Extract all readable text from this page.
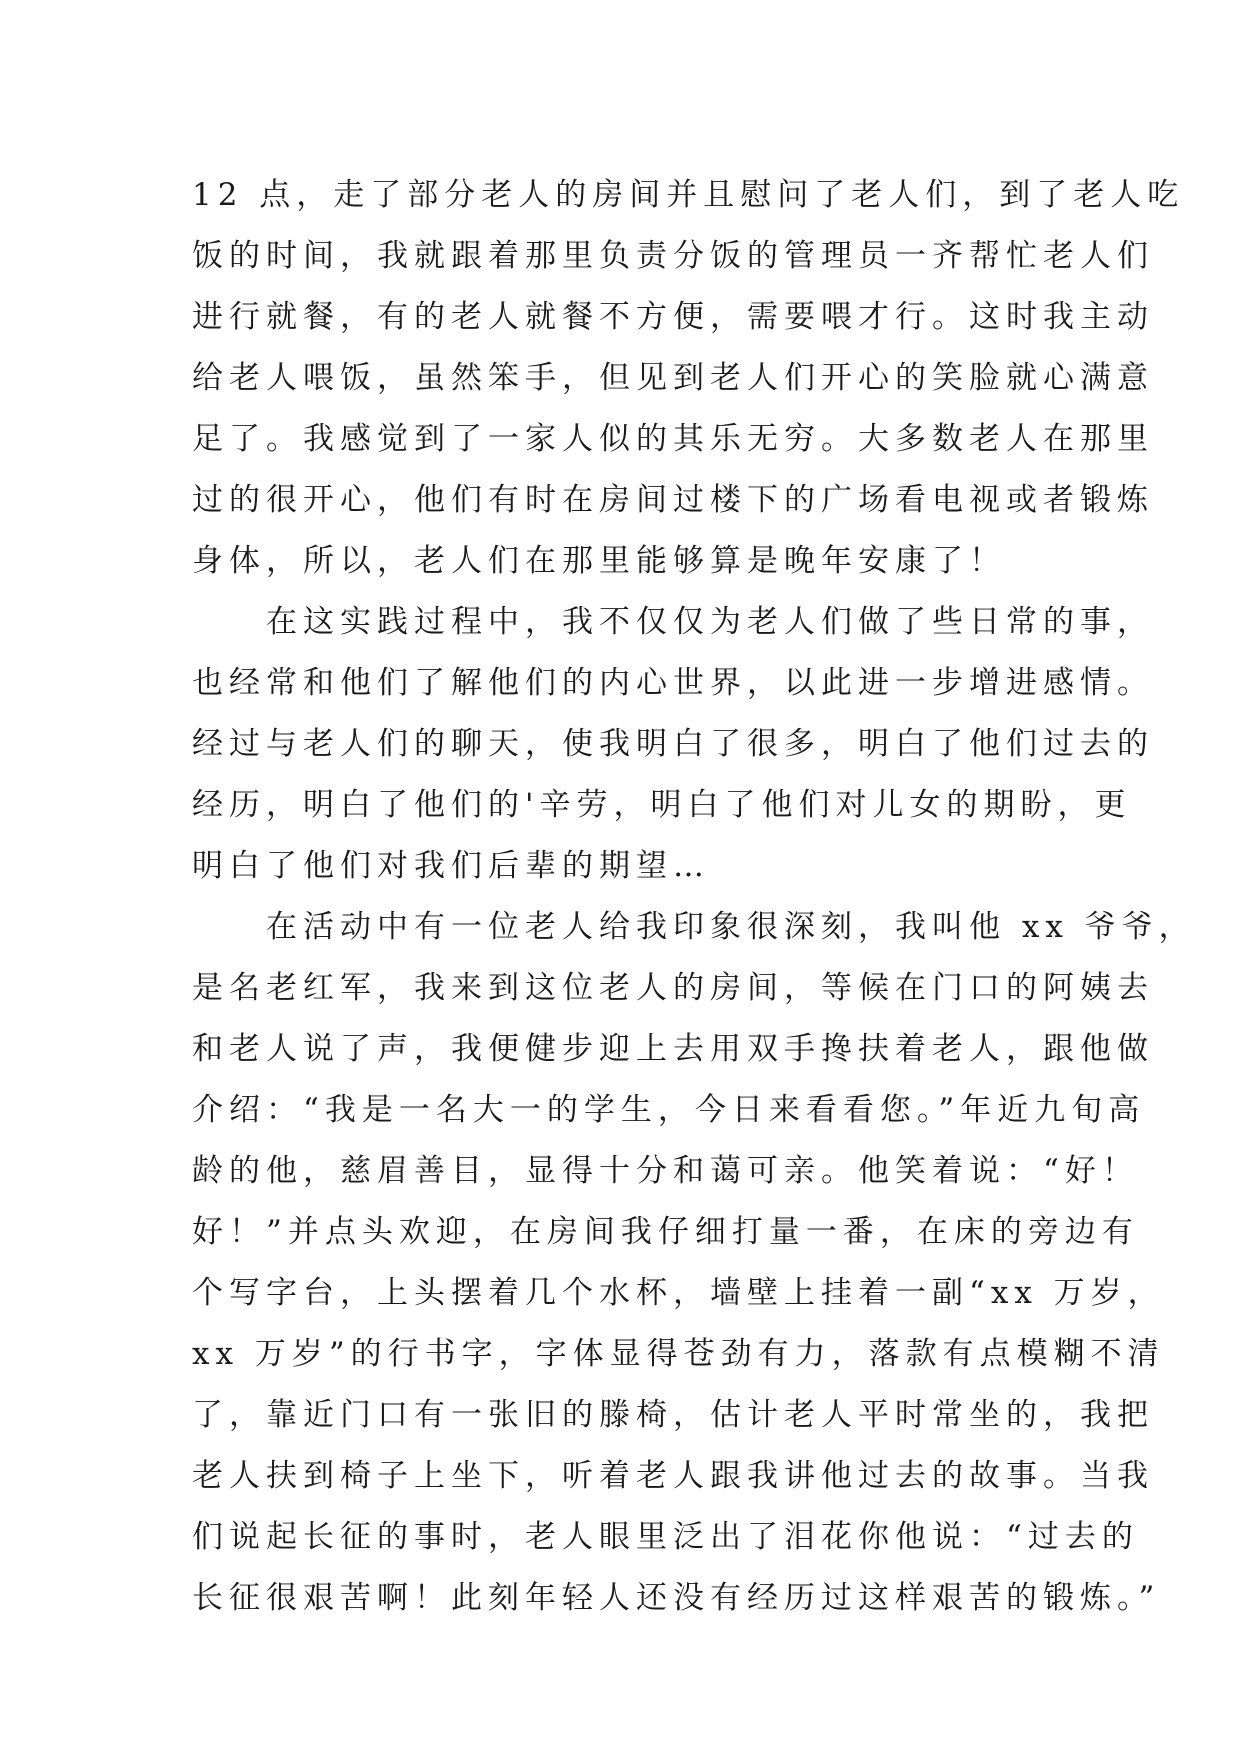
12 点，走了部分老人的房间并且慰问了老人们，到了老人吃
饭的时间，我就跟着那里负责分饭的管理员一齐帮忙老人们
进行就餐，有的老人就餐不方便，需要喂才行。这时我主动
给老人喂饭，虽然笨手，但见到老人们开心的笑脸就心满意
足了。我感觉到了一家人似的其乐无穷。大多数老人在那里
过的很开心，他们有时在房间过楼下的广场看电视或者锻炼
身体，所以，老人们在那里能够算是晚年安康了！
　　在这实践过程中，我不仅仅为老人们做了些日常的事，
也经常和他们了解他们的内心世界，以此进一步增进感情。
经过与老人们的聊天，使我明白了很多，明白了他们过去的
经历，明白了他们的'辛劳，明白了他们对儿女的期盼，更
明白了他们对我们后辈的期望…
　　在活动中有一位老人给我印象很深刻，我叫他 xx 爷爷，
是名老红军，我来到这位老人的房间，等候在门口的阿姨去
和老人说了声，我便健步迎上去用双手搀扶着老人，跟他做
介绍：“我是一名大一的学生，今日来看看您。”年近九旬高
龄的他，慈眉善目，显得十分和蔼可亲。他笑着说：“好！
好！”并点头欢迎，在房间我仔细打量一番，在床的旁边有
个写字台，上头摆着几个水杯，墙壁上挂着一副“xx 万岁，
xx 万岁”的行书字，字体显得苍劲有力，落款有点模糊不清
了，靠近门口有一张旧的滕椅，估计老人平时常坐的，我把
老人扶到椅子上坐下，听着老人跟我讲他过去的故事。当我
们说起长征的事时，老人眼里泛出了泪花你他说：“过去的
长征很艰苦啊！此刻年轻人还没有经历过这样艰苦的锻炼。”
